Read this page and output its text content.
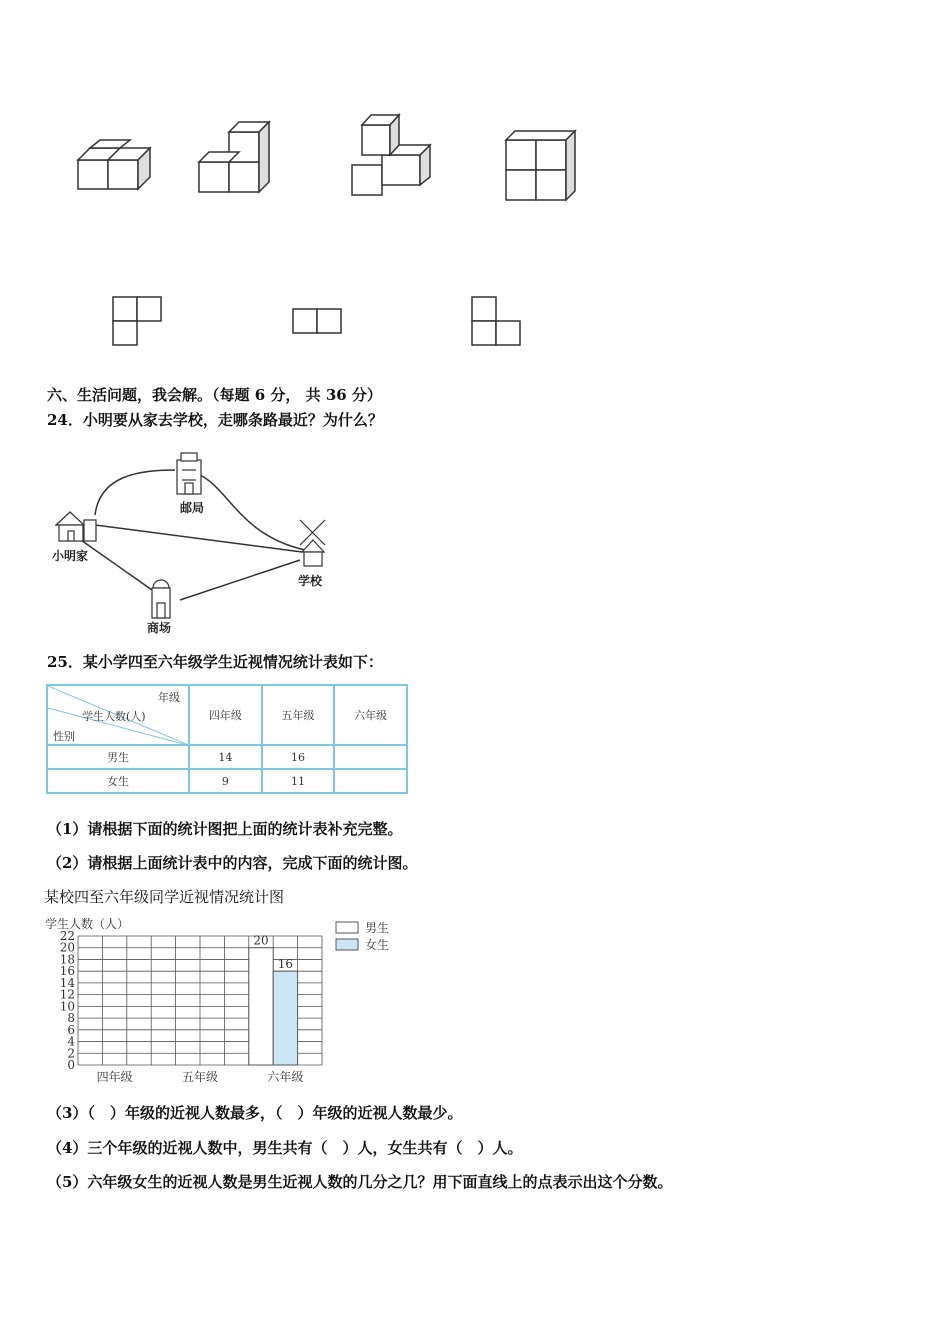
六、生活问题，我会解。（每题 6 分， 共 36 分）
24．小明要从家去学校，走哪条路最近？为什么？
邮局
小明家
学校
商场
25．某小学四至六年级学生近视情况统计表如下：
年级
学生人数(人)
性别	四年级	五年级	六年级
男生	14	16	
女生	9	11	
（1）请根据下面的统计图把上面的统计表补充完整。
（2）请根据上面统计表中的内容，完成下面的统计图。
某校四至六年级同学近视情况统计图
学生人数（人）
0
2
4
6
8
10
12
14
16
18
20
22	20
16
四年级	五年级	六年级
男生
女生
（3）（　）年级的近视人数最多，（　）年级的近视人数最少。
（4）三个年级的近视人数中，男生共有（　）人，女生共有（　）人。
（5）六年级女生的近视人数是男生近视人数的几分之几？用下面直线上的点表示出这个分数。
